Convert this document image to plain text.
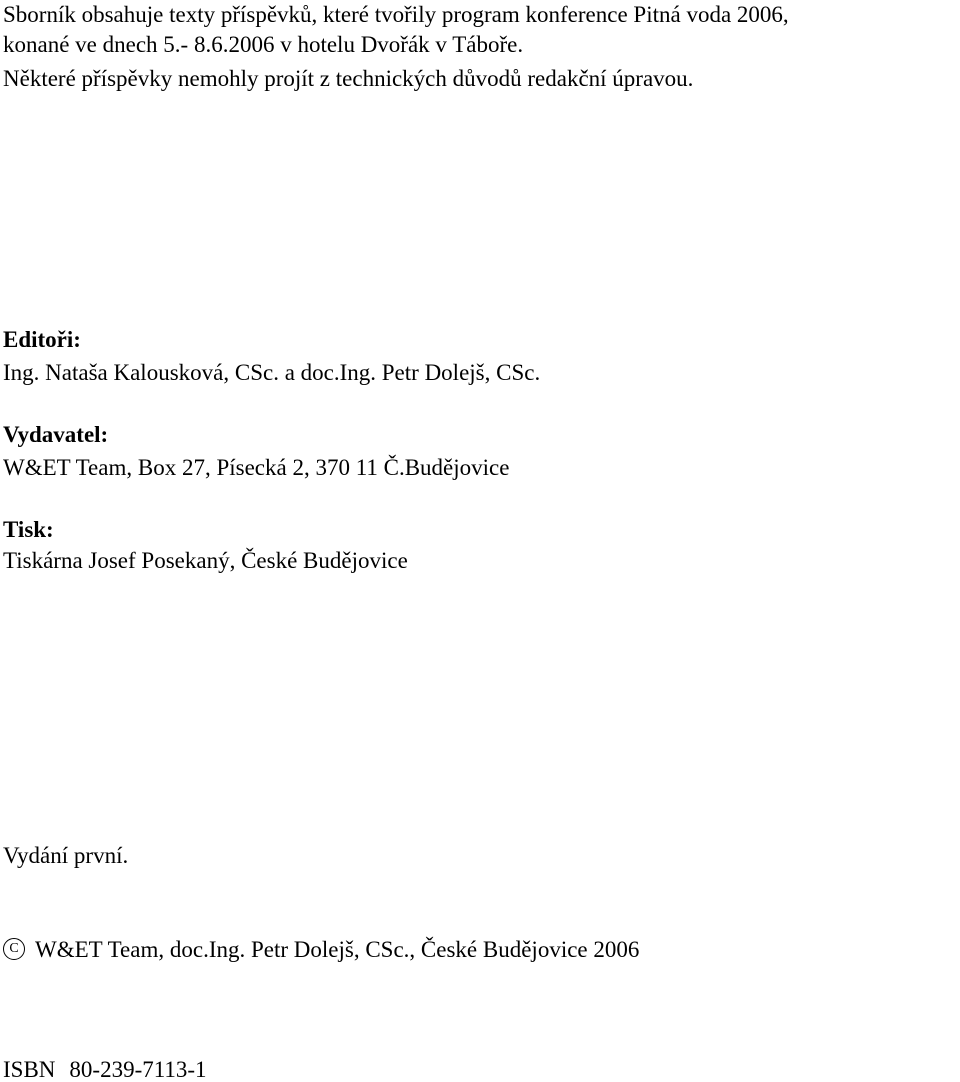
Sborník obsahuje texty příspěvků, které tvořily program konference Pitná voda 2006,
konané ve dnech 5.- 8.6.2006 v hotelu Dvořák v Táboře.
Některé příspěvky nemohly projít z technických důvodů redakční úpravou.
Editoři:
Ing. Nataša Kalousková, CSc. a doc.Ing. Petr Dolejš, CSc.
Vydavatel:
W&ET Team, Box 27, Písecká 2, 370 11 Č.Budějovice
Tisk:
Tiskárna Josef Posekaný, České Budějovice
Vydání první.
C W&ET Team, doc.Ing. Petr Dolejš, CSc., České Budějovice 2006
ISBN 80-239-7113-1
